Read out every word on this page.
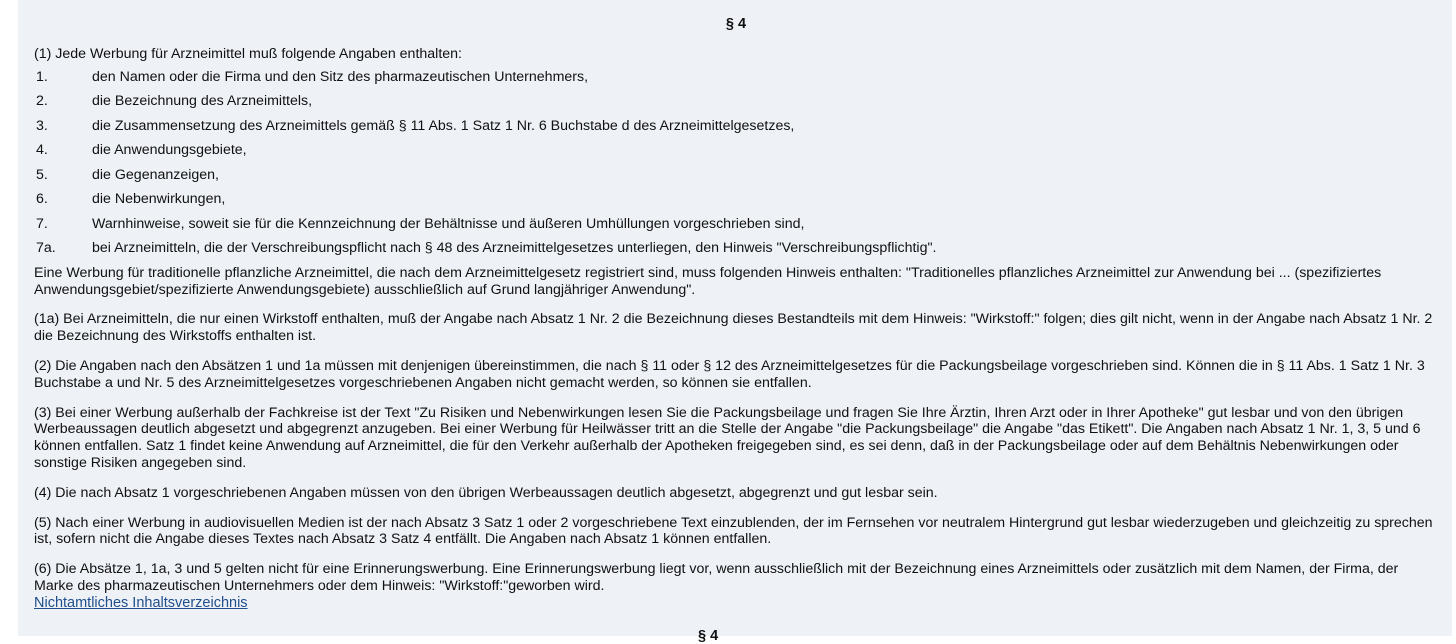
§ 4
(1) Jede Werbung für Arzneimittel muß folgende Angaben enthalten:
1.	den Namen oder die Firma und den Sitz des pharmazeutischen Unternehmers,
2.	die Bezeichnung des Arzneimittels,
3.	die Zusammensetzung des Arzneimittels gemäß § 11 Abs. 1 Satz 1 Nr. 6 Buchstabe d des Arzneimittelgesetzes,
4.	die Anwendungsgebiete,
5.	die Gegenanzeigen,
6.	die Nebenwirkungen,
7.	Warnhinweise, soweit sie für die Kennzeichnung der Behältnisse und äußeren Umhüllungen vorgeschrieben sind,
7a.	bei Arzneimitteln, die der Verschreibungspflicht nach § 48 des Arzneimittelgesetzes unterliegen, den Hinweis "Verschreibungspflichtig".
Eine Werbung für traditionelle pflanzliche Arzneimittel, die nach dem Arzneimittelgesetz registriert sind, muss folgenden Hinweis enthalten: "Traditionelles pflanzliches Arzneimittel zur Anwendung bei ... (spezifiziertes Anwendungsgebiet/spezifizierte Anwendungsgebiete) ausschließlich auf Grund langjähriger Anwendung".
(1a) Bei Arzneimitteln, die nur einen Wirkstoff enthalten, muß der Angabe nach Absatz 1 Nr. 2 die Bezeichnung dieses Bestandteils mit dem Hinweis: "Wirkstoff:" folgen; dies gilt nicht, wenn in der Angabe nach Absatz 1 Nr. 2 die Bezeichnung des Wirkstoffs enthalten ist.
(2) Die Angaben nach den Absätzen 1 und 1a müssen mit denjenigen übereinstimmen, die nach § 11 oder § 12 des Arzneimittelgesetzes für die Packungsbeilage vorgeschrieben sind. Können die in § 11 Abs. 1 Satz 1 Nr. 3 Buchstabe a und Nr. 5 des Arzneimittelgesetzes vorgeschriebenen Angaben nicht gemacht werden, so können sie entfallen.
(3) Bei einer Werbung außerhalb der Fachkreise ist der Text "Zu Risiken und Nebenwirkungen lesen Sie die Packungsbeilage und fragen Sie Ihre Ärztin, Ihren Arzt oder in Ihrer Apotheke" gut lesbar und von den übrigen Werbeaussagen deutlich abgesetzt und abgegrenzt anzugeben. Bei einer Werbung für Heilwässer tritt an die Stelle der Angabe "die Packungsbeilage" die Angabe "das Etikett". Die Angaben nach Absatz 1 Nr. 1, 3, 5 und 6 können entfallen. Satz 1 findet keine Anwendung auf Arzneimittel, die für den Verkehr außerhalb der Apotheken freigegeben sind, es sei denn, daß in der Packungsbeilage oder auf dem Behältnis Nebenwirkungen oder sonstige Risiken angegeben sind.
(4) Die nach Absatz 1 vorgeschriebenen Angaben müssen von den übrigen Werbeaussagen deutlich abgesetzt, abgegrenzt und gut lesbar sein.
(5) Nach einer Werbung in audiovisuellen Medien ist der nach Absatz 3 Satz 1 oder 2 vorgeschriebene Text einzublenden, der im Fernsehen vor neutralem Hintergrund gut lesbar wiederzugeben und gleichzeitig zu sprechen ist, sofern nicht die Angabe dieses Textes nach Absatz 3 Satz 4 entfällt. Die Angaben nach Absatz 1 können entfallen.
(6) Die Absätze 1, 1a, 3 und 5 gelten nicht für eine Erinnerungswerbung. Eine Erinnerungswerbung liegt vor, wenn ausschließlich mit der Bezeichnung eines Arzneimittels oder zusätzlich mit dem Namen, der Firma, der Marke des pharmazeutischen Unternehmers oder dem Hinweis: "Wirkstoff:"geworben wird.
Nichtamtliches Inhaltsverzeichnis
§ 4
